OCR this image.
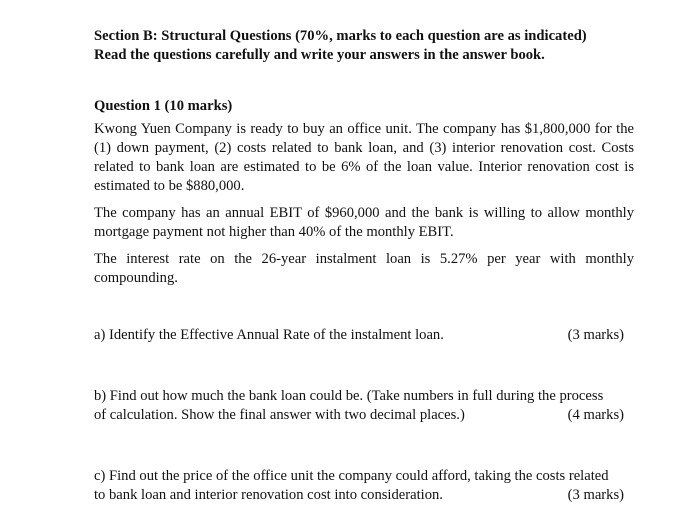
Section B: Structural Questions (70%, marks to each question are as indicated)
Read the questions carefully and write your answers in the answer book.
Question 1 (10 marks)
Kwong Yuen Company is ready to buy an office unit. The company has $1,800,000 for the (1) down payment, (2) costs related to bank loan, and (3) interior renovation cost. Costs related to bank loan are estimated to be 6% of the loan value. Interior renovation cost is estimated to be $880,000.
The company has an annual EBIT of $960,000 and the bank is willing to allow monthly mortgage payment not higher than 40% of the monthly EBIT.
The interest rate on the 26-year instalment loan is 5.27% per year with monthly compounding.
a) Identify the Effective Annual Rate of the instalment loan.	(3 marks)
b) Find out how much the bank loan could be. (Take numbers in full during the process
of calculation. Show the final answer with two decimal places.)	(4 marks)
c) Find out the price of the office unit the company could afford, taking the costs related
to bank loan and interior renovation cost into consideration.	(3 marks)
